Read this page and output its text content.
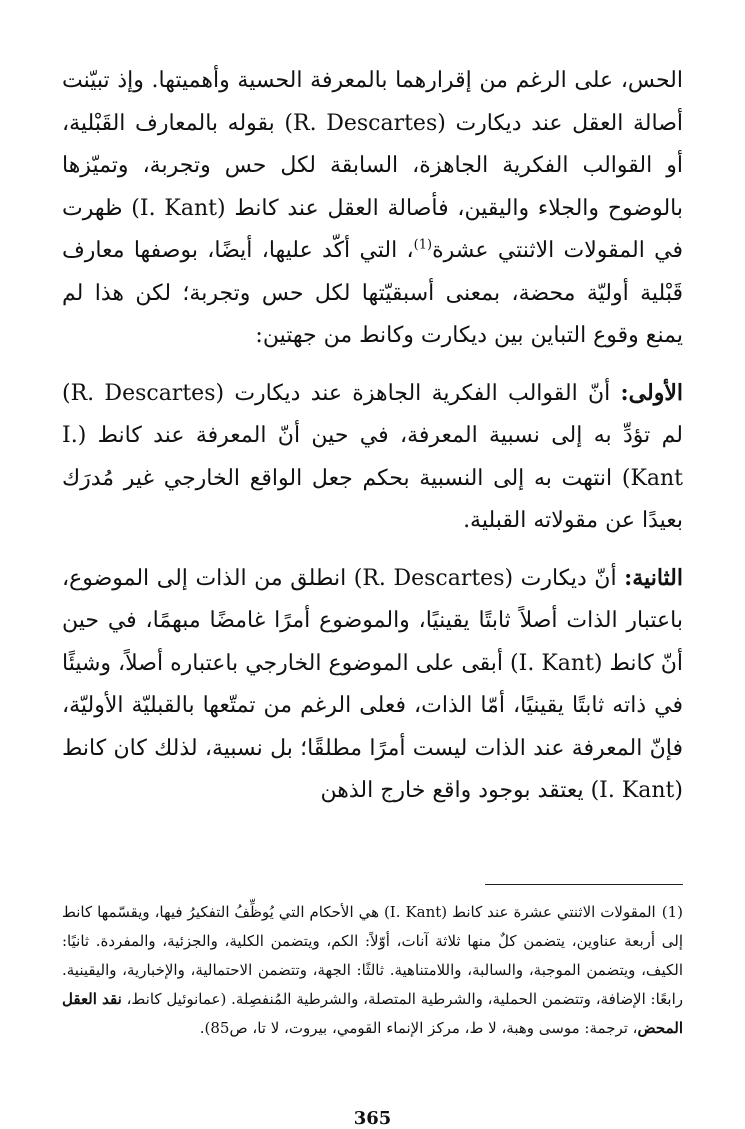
الحس، على الرغم من إقرارهما بالمعرفة الحسية وأهميتها. وإذ تبيّنت أصالة العقل عند ديكارت (R. Descartes) بقوله بالمعارف القَبْلية، أو القوالب الفكرية الجاهزة، السابقة لكل حس وتجربة، وتميّزها بالوضوح والجلاء واليقين، فأصالة العقل عند كانط (I. Kant) ظهرت في المقولات الاثنتي عشرة$^{(1)}$، التي أكّد عليها، أيضًا، بوصفها معارف قَبْلية أوليّة محضة، بمعنى أسبقيّتها لكل حس وتجربة؛ لكن هذا لم يمنع وقوع التباين بين ديكارت وكانط من جهتين:

الأولى: أنّ القوالب الفكرية الجاهزة عند ديكارت (R. Descartes) لم تؤدِّ به إلى نسبية المعرفة، في حين أنّ المعرفة عند كانط (I. Kant) انتهت به إلى النسبية بحكم جعل الواقع الخارجي غير مُدرَك بعيدًا عن مقولاته القبلية.

الثانية: أنّ ديكارت (R. Descartes) انطلق من الذات إلى الموضوع، باعتبار الذات أصلاً ثابتًا يقينيًا، والموضوع أمرًا غامضًا مبهمًا، في حين أنّ كانط (I. Kant) أبقى على الموضوع الخارجي باعتباره أصلاً، وشيئًا في ذاته ثابتًا يقينيًا، أمّا الذات، فعلى الرغم من تمتّعها بالقبليّة الأوليّة، فإنّ المعرفة عند الذات ليست أمرًا مطلقًا؛ بل نسبية، لذلك كان كانط (I. Kant) يعتقد بوجود واقع خارج الذهن

(1)المقولات الاثنتي عشرة عند كانط (I. Kant) هي الأحكام التي يُوظِّفُ التفكيرُ فيها، ويقسّمها كانط إلى أربعة عناوين، يتضمن كلٌ منها ثلاثة آنات، أوّلاً: الكم، ويتضمن الكلية، والجزئية، والمفردة. ثانيًا: الكيف، ويتضمن الموجبة، والسالبة، واللامتناهية. ثالثًا: الجهة، وتتضمن الاحتمالية، والإخبارية، واليقينية. رابعًا: الإضافة، وتتضمن الحملية، والشرطية المتصلة، والشرطية المُنفصِلة. (عمانوئيل كانط، نقد العقل المحض، ترجمة: موسى وهبة، لا ط، مركز الإنماء القومي، بيروت، لا تا، ص85).

365
